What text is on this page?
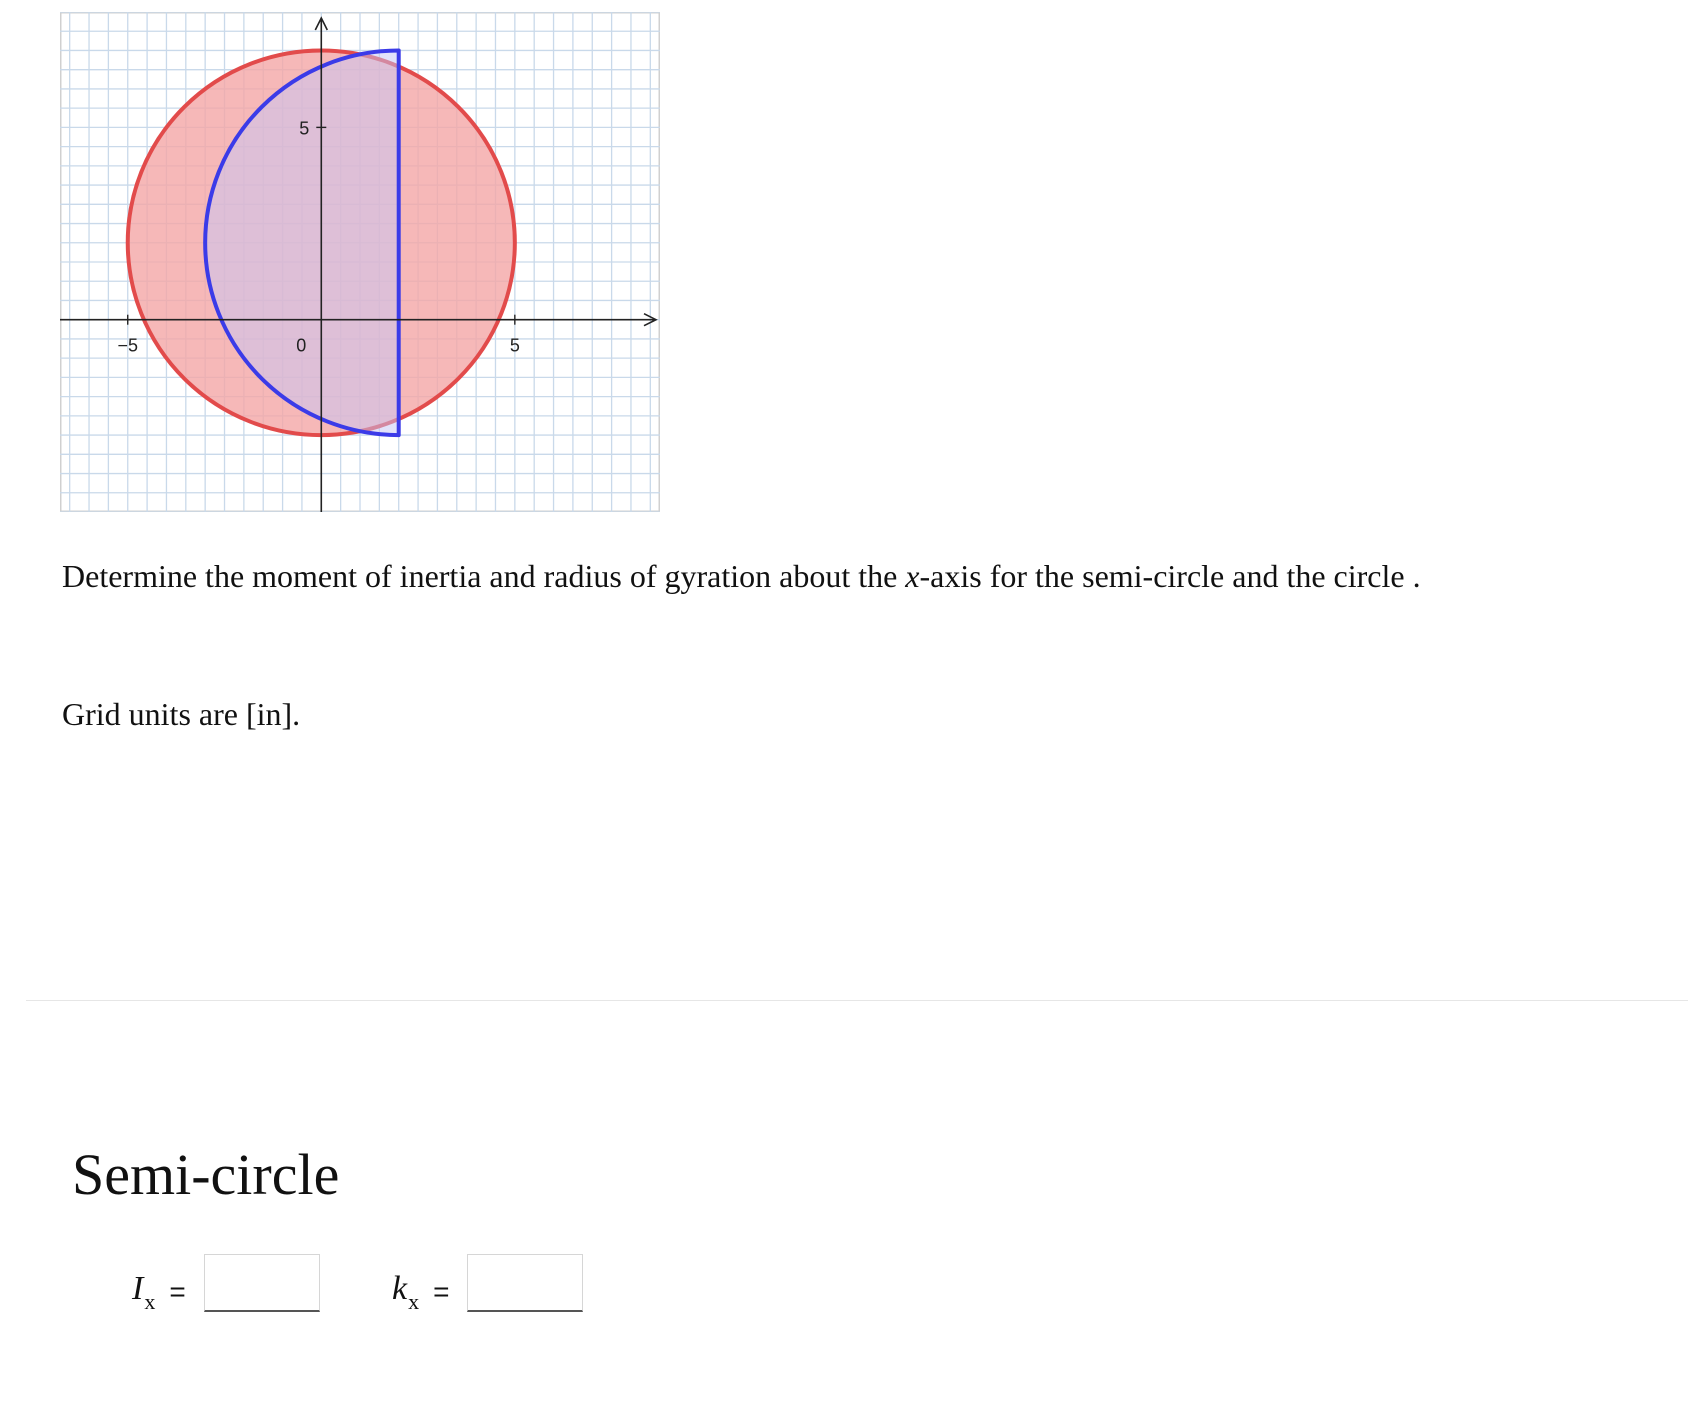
−5	0	5
5

Determine the moment of inertia and radius of gyration about the x-axis for the semi-circle and the circle .

Grid units are [in].

Semi-circle
$I_x$ =	$k_x$ =
